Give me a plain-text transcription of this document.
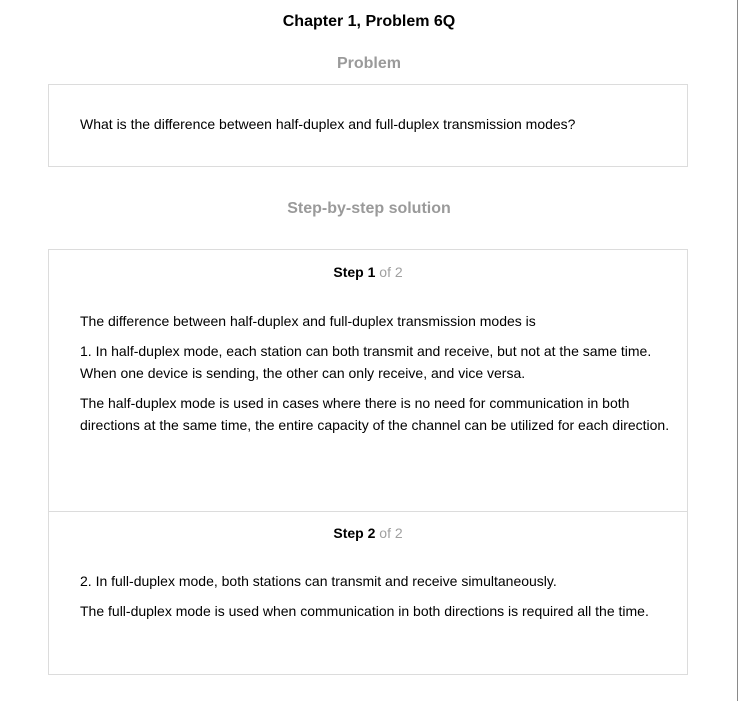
Chapter 1, Problem 6Q
Problem
What is the difference between half-duplex and full-duplex transmission modes?
Step-by-step solution
Step 1 of 2

The difference between half-duplex and full-duplex transmission modes is

1. In half-duplex mode, each station can both transmit and receive, but not at the same time. When one device is sending, the other can only receive, and vice versa.

The half-duplex mode is used in cases where there is no need for communication in both directions at the same time, the entire capacity of the channel can be utilized for each direction.

Step 2 of 2

2. In full-duplex mode, both stations can transmit and receive simultaneously.

The full-duplex mode is used when communication in both directions is required all the time.
